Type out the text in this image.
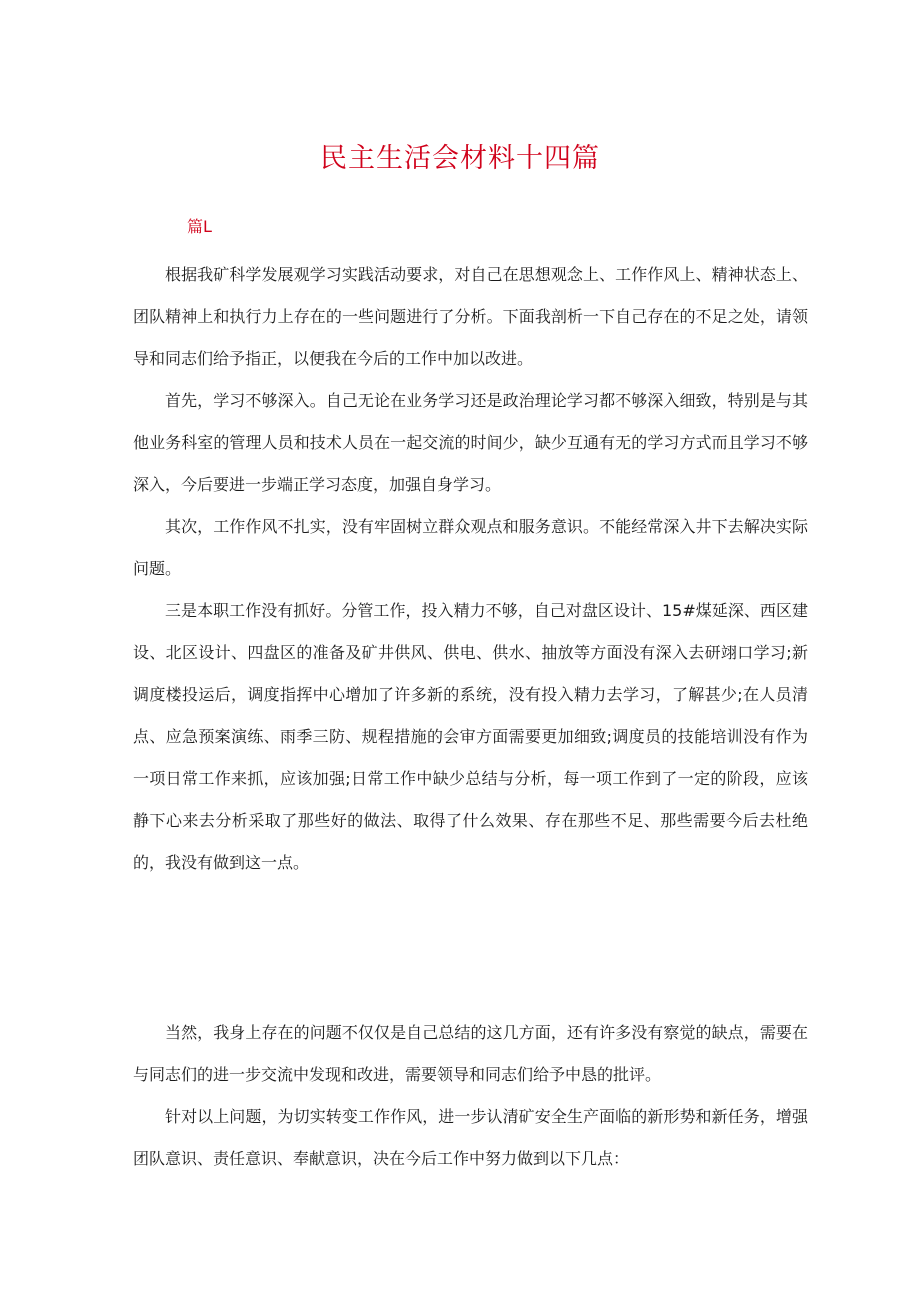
民主生活会材料十四篇
篇L

根据我矿科学发展观学习实践活动要求，对自己在思想观念上、工作作风上、精神状态上、团队精神上和执行力上存在的一些问题进行了分析。下面我剖析一下自己存在的不足之处，请领导和同志们给予指正，以便我在今后的工作中加以改进。

首先，学习不够深入。自己无论在业务学习还是政治理论学习都不够深入细致，特别是与其他业务科室的管理人员和技术人员在一起交流的时间少，缺少互通有无的学习方式而且学习不够深入，今后要进一步端正学习态度，加强自身学习。

其次，工作作风不扎实，没有牢固树立群众观点和服务意识。不能经常深入井下去解决实际问题。

三是本职工作没有抓好。分管工作，投入精力不够，自己对盘区设计、15#煤延深、西区建设、北区设计、四盘区的准备及矿井供风、供电、供水、抽放等方面没有深入去研翊口学习;新调度楼投运后，调度指挥中心增加了许多新的系统，没有投入精力去学习，了解甚少;在人员清点、应急预案演练、雨季三防、规程措施的会审方面需要更加细致;调度员的技能培训没有作为一项日常工作来抓，应该加强;日常工作中缺少总结与分析，每一项工作到了一定的阶段，应该静下心来去分析采取了那些好的做法、取得了什么效果、存在那些不足、那些需要今后去杜绝的，我没有做到这一点。

当然，我身上存在的问题不仅仅是自己总结的这几方面，还有许多没有察觉的缺点，需要在与同志们的进一步交流中发现和改进，需要领导和同志们给予中恳的批评。

针对以上问题，为切实转变工作作风，进一步认清矿安全生产面临的新形势和新任务，增强团队意识、责任意识、奉献意识，决在今后工作中努力做到以下几点：
